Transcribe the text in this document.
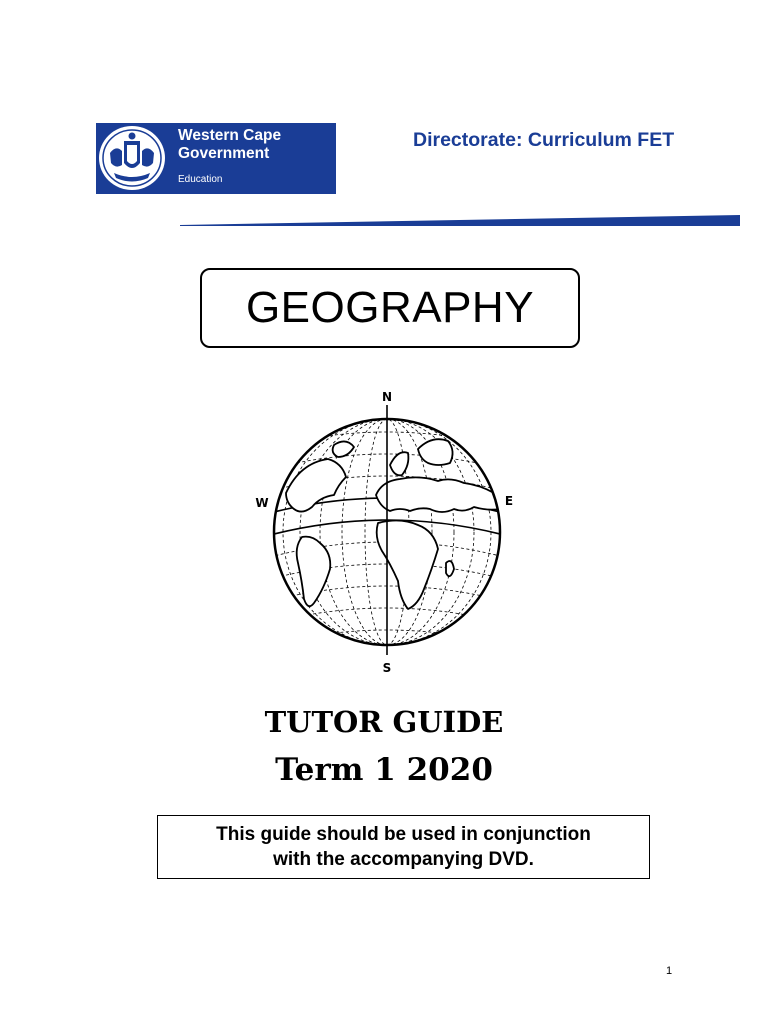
Western Cape
Government
Education
Directorate: Curriculum FET
GEOGRAPHY
N
S
W	E
TUTOR GUIDE
Term 1 2020
This guide should be used in conjunction
with the accompanying DVD.
1
